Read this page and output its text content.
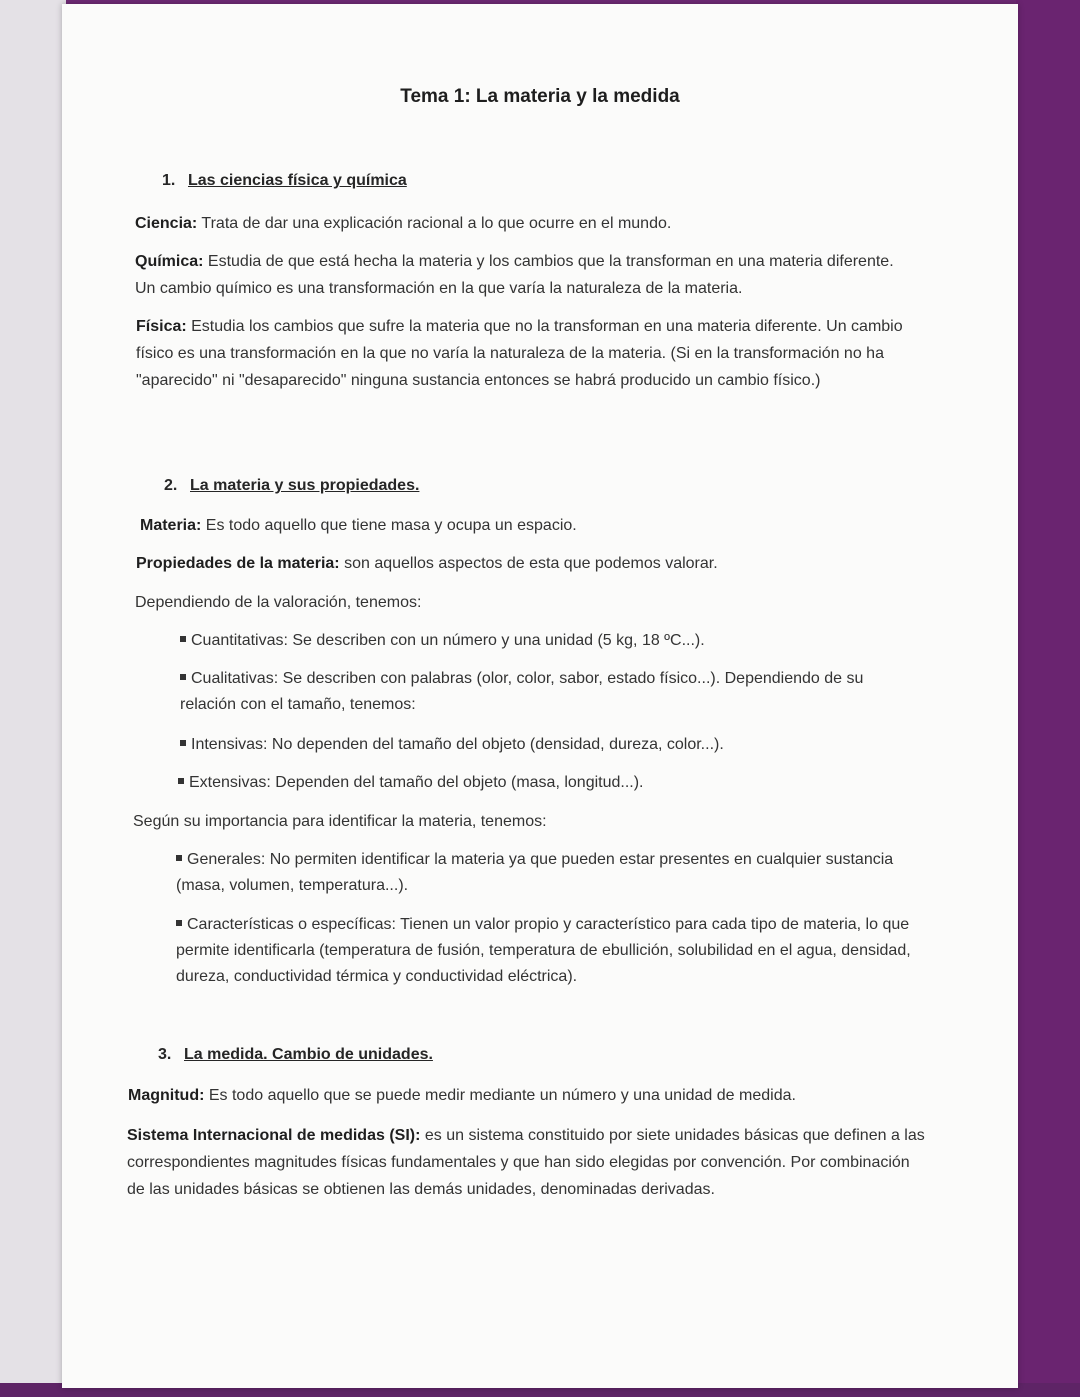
Tema 1: La materia y la medida
1. Las ciencias física y química

Ciencia: Trata de dar una explicación racional a lo que ocurre en el mundo.

Química: Estudia de que está hecha la materia y los cambios que la transforman en una materia diferente. Un cambio químico es una transformación en la que varía la naturaleza de la materia.

Física: Estudia los cambios que sufre la materia que no la transforman en una materia diferente. Un cambio físico es una transformación en la que no varía la naturaleza de la materia. (Si en la transformación no ha "aparecido" ni "desaparecido" ninguna sustancia entonces se habrá producido un cambio físico.)

2. La materia y sus propiedades.

Materia: Es todo aquello que tiene masa y ocupa un espacio.

Propiedades de la materia: son aquellos aspectos de esta que podemos valorar.

Dependiendo de la valoración, tenemos:

Cuantitativas: Se describen con un número y una unidad (5 kg, 18 ºC...).

Cualitativas: Se describen con palabras (olor, color, sabor, estado físico...). Dependiendo de su relación con el tamaño, tenemos:

Intensivas: No dependen del tamaño del objeto (densidad, dureza, color...).

Extensivas: Dependen del tamaño del objeto (masa, longitud...).

Según su importancia para identificar la materia, tenemos:

Generales: No permiten identificar la materia ya que pueden estar presentes en cualquier sustancia (masa, volumen, temperatura...).

Características o específicas: Tienen un valor propio y característico para cada tipo de materia, lo que permite identificarla (temperatura de fusión, temperatura de ebullición, solubilidad en el agua, densidad, dureza, conductividad térmica y conductividad eléctrica).

3. La medida. Cambio de unidades.

Magnitud: Es todo aquello que se puede medir mediante un número y una unidad de medida.

Sistema Internacional de medidas (SI): es un sistema constituido por siete unidades básicas que definen a las correspondientes magnitudes físicas fundamentales y que han sido elegidas por convención. Por combinación de las unidades básicas se obtienen las demás unidades, denominadas derivadas.
